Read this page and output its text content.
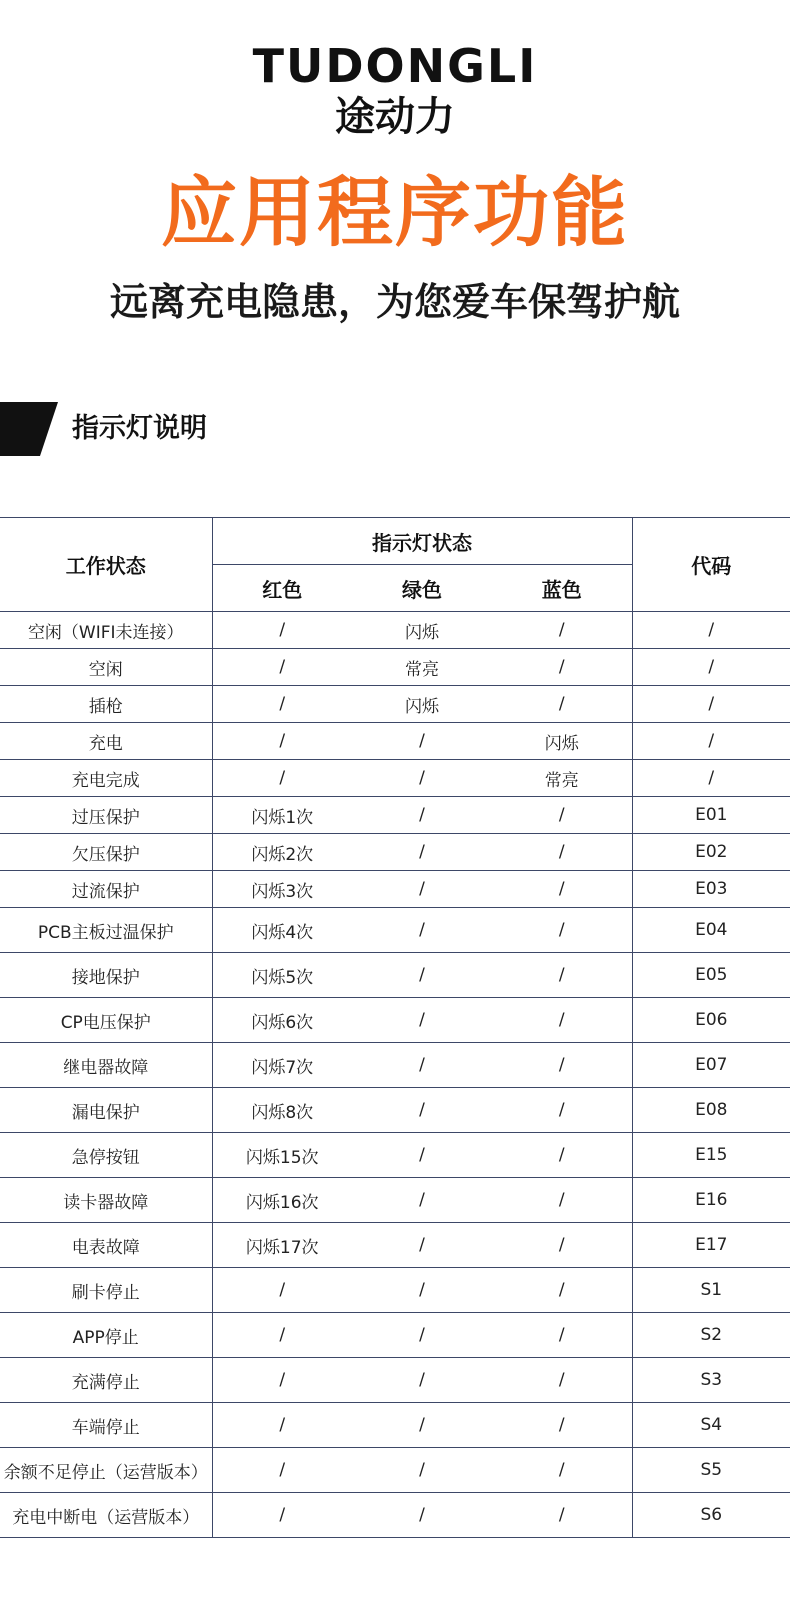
TUDONGLI
途动力
应用程序功能
远离充电隐患，为您爱车保驾护航
指示灯说明
工作状态	指示灯状态			代码
	红色	绿色	蓝色	
空闲（WIFI未连接）	/	闪烁	/	/
空闲	/	常亮	/	/
插枪	/	闪烁	/	/
充电	/	/	闪烁	/
充电完成	/	/	常亮	/
过压保护	闪烁1次	/	/	E01
欠压保护	闪烁2次	/	/	E02
过流保护	闪烁3次	/	/	E03
PCB主板过温保护	闪烁4次	/	/	E04
接地保护	闪烁5次	/	/	E05
CP电压保护	闪烁6次	/	/	E06
继电器故障	闪烁7次	/	/	E07
漏电保护	闪烁8次	/	/	E08
急停按钮	闪烁15次	/	/	E15
读卡器故障	闪烁16次	/	/	E16
电表故障	闪烁17次	/	/	E17
刷卡停止	/	/	/	S1
APP停止	/	/	/	S2
充满停止	/	/	/	S3
车端停止	/	/	/	S4
余额不足停止（运营版本）	/	/	/	S5
充电中断电（运营版本）	/	/	/	S6
